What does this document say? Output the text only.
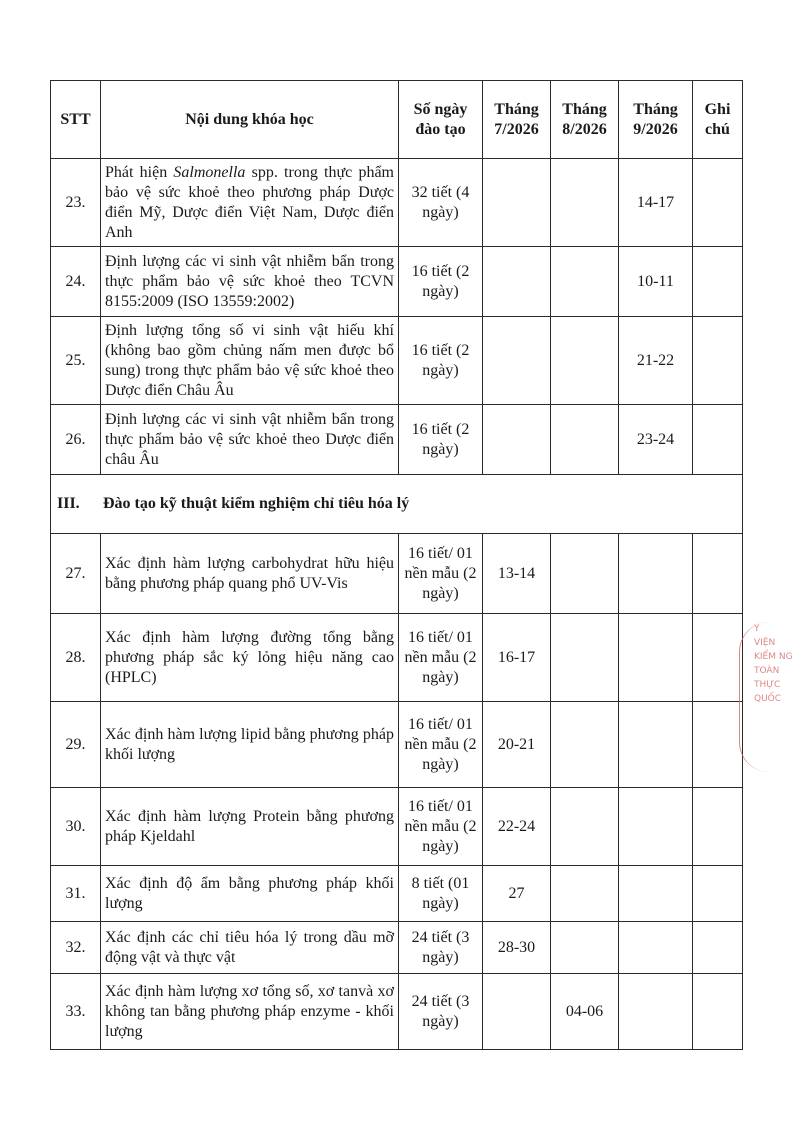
STT	Nội dung khóa học	Số ngày đào tạo	Tháng 7/2026	Tháng 8/2026	Tháng 9/2026	Ghi chú
23.	Phát hiện Salmonella spp. trong thực phẩm bảo vệ sức khoẻ theo phương pháp Dược điển Mỹ, Dược điển Việt Nam, Dược điển Anh	32 tiết (4 ngày)			14-17	
24.	Định lượng các vi sinh vật nhiễm bẩn trong thực phẩm bảo vệ sức khoẻ theo TCVN 8155:2009 (ISO 13559:2002)	16 tiết (2 ngày)			10-11	
25.	Định lượng tổng số vi sinh vật hiếu khí (không bao gồm chủng nấm men được bổ sung) trong thực phẩm bảo vệ sức khoẻ theo Dược điển Châu Âu	16 tiết (2 ngày)			21-22	
26.	Định lượng các vi sinh vật nhiễm bẩn trong thực phẩm bảo vệ sức khoẻ theo Dược điển châu Âu	16 tiết (2 ngày)			23-24	
III. Đào tạo kỹ thuật kiểm nghiệm chỉ tiêu hóa lý						
27.	Xác định hàm lượng carbohydrat hữu hiệu bằng phương pháp quang phổ UV-Vis	16 tiết/ 01 nền mẫu (2 ngày)	13-14			
28.	Xác định hàm lượng đường tổng bằng phương pháp sắc ký lỏng hiệu năng cao (HPLC)	16 tiết/ 01 nền mẫu (2 ngày)	16-17			
29.	Xác định hàm lượng lipid bằng phương pháp khối lượng	16 tiết/ 01 nền mẫu (2 ngày)	20-21			
30.	Xác định hàm lượng Protein bằng phương pháp Kjeldahl	16 tiết/ 01 nền mẫu (2 ngày)	22-24			
31.	Xác định độ ẩm bằng phương pháp khối lượng	8 tiết (01 ngày)	27			
32.	Xác định các chỉ tiêu hóa lý trong dầu mỡ động vật và thực vật	24 tiết (3 ngày)	28-30			
33.	Xác định hàm lượng xơ tổng số, xơ tanvà xơ không tan bằng phương pháp enzyme - khối lượng	24 tiết (3 ngày)		04-06		
Y
VIỆN
KIỂM NG
TOÀN
THỰC
QUỐC
